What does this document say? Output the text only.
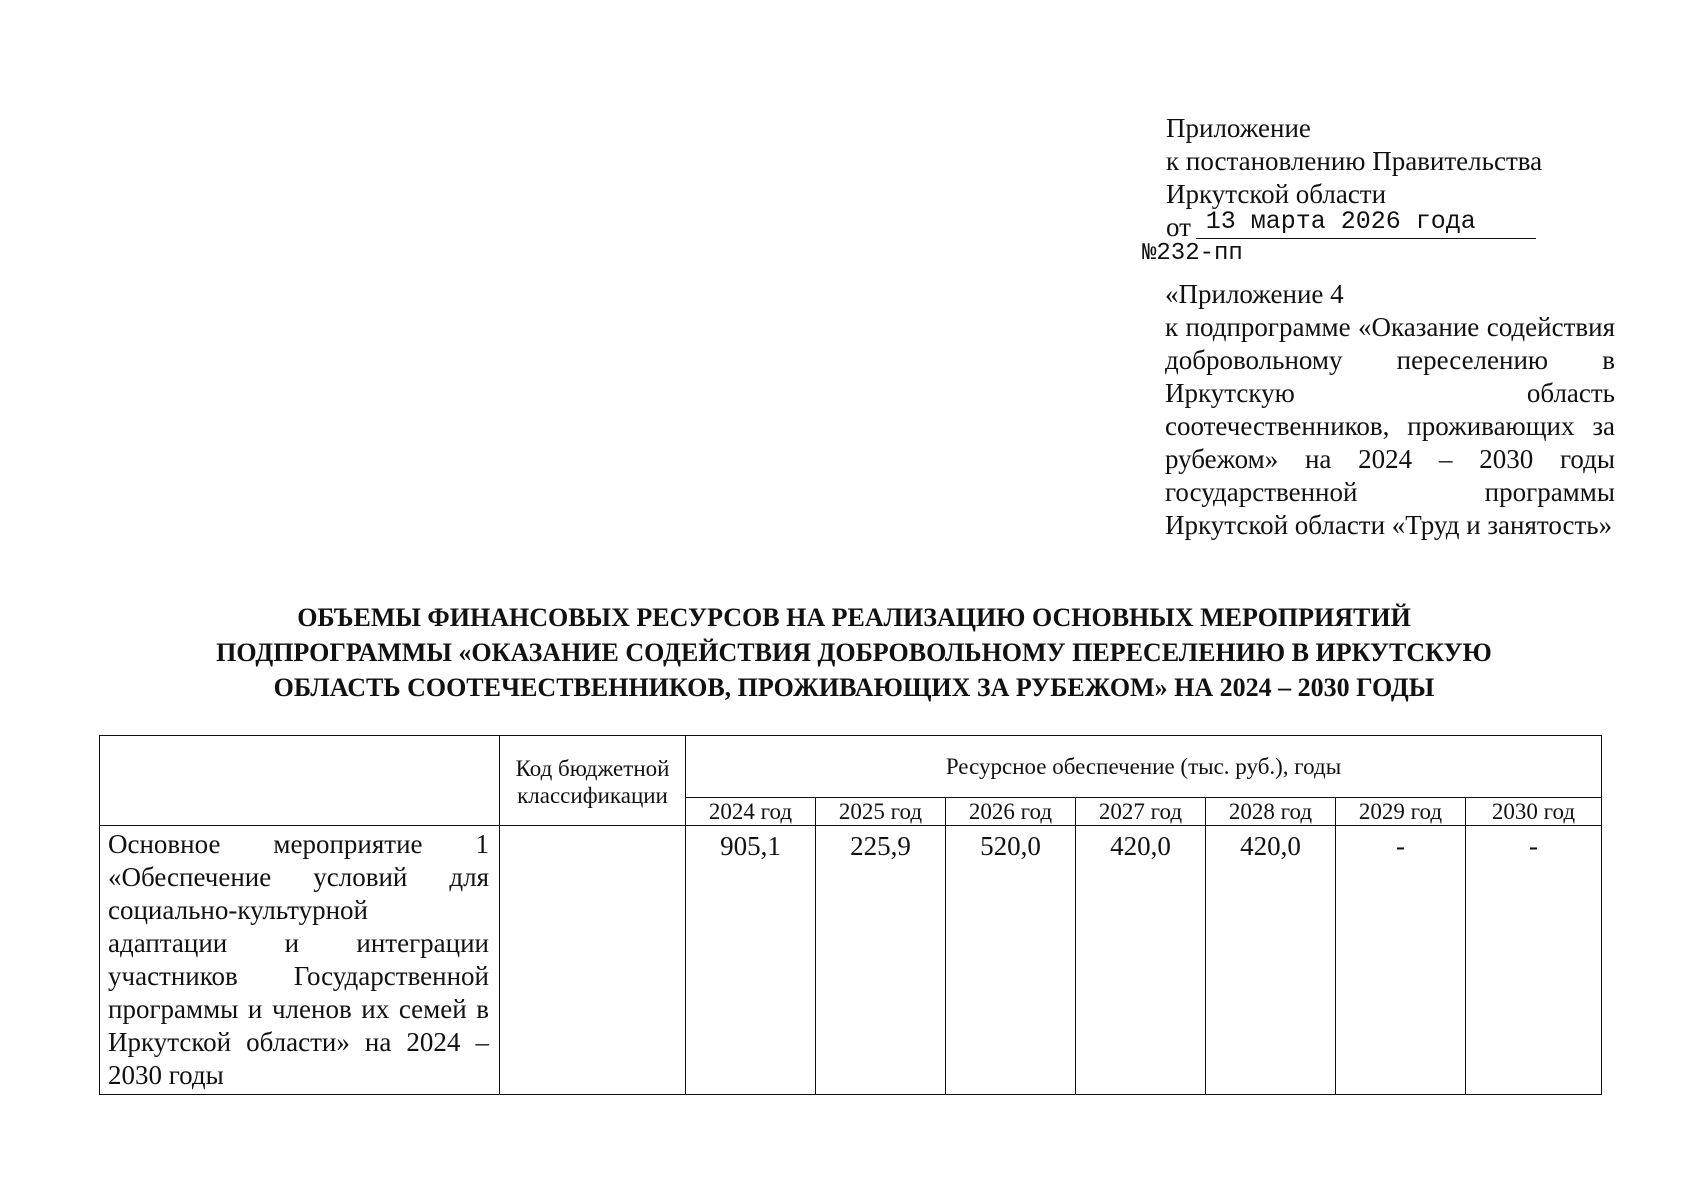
Приложение
к постановлению Правительства
Иркутской области
от 13 марта 2026 года
№232-пп

«Приложение 4

к подпрограмме «Оказание содействия добровольному переселению в Иркутскую область соотечественников, проживающих за рубежом» на 2024 – 2030 годы государственной программы Иркутской области «Труд и занятость»

ОБЪЕМЫ ФИНАНСОВЫХ РЕСУРСОВ НА РЕАЛИЗАЦИЮ ОСНОВНЫХ МЕРОПРИЯТИЙ
ПОДПРОГРАММЫ «ОКАЗАНИЕ СОДЕЙСТВИЯ ДОБРОВОЛЬНОМУ ПЕРЕСЕЛЕНИЮ В ИРКУТСКУЮ
ОБЛАСТЬ СООТЕЧЕСТВЕННИКОВ, ПРОЖИВАЮЩИХ ЗА РУБЕЖОМ» НА 2024 – 2030 ГОДЫ
	Код бюджетной классификации	Ресурсное обеспечение (тыс. руб.), годы						
		2024 год	2025 год	2026 год	2027 год	2028 год	2029 год	2030 год
Основное мероприятие 1 «Обеспечение условий для социально-культурной адаптации и интеграции участников Государственной программы и членов их семей в Иркутской области» на 2024 – 2030 годы		905,1	225,9	520,0	420,0	420,0	-	-
